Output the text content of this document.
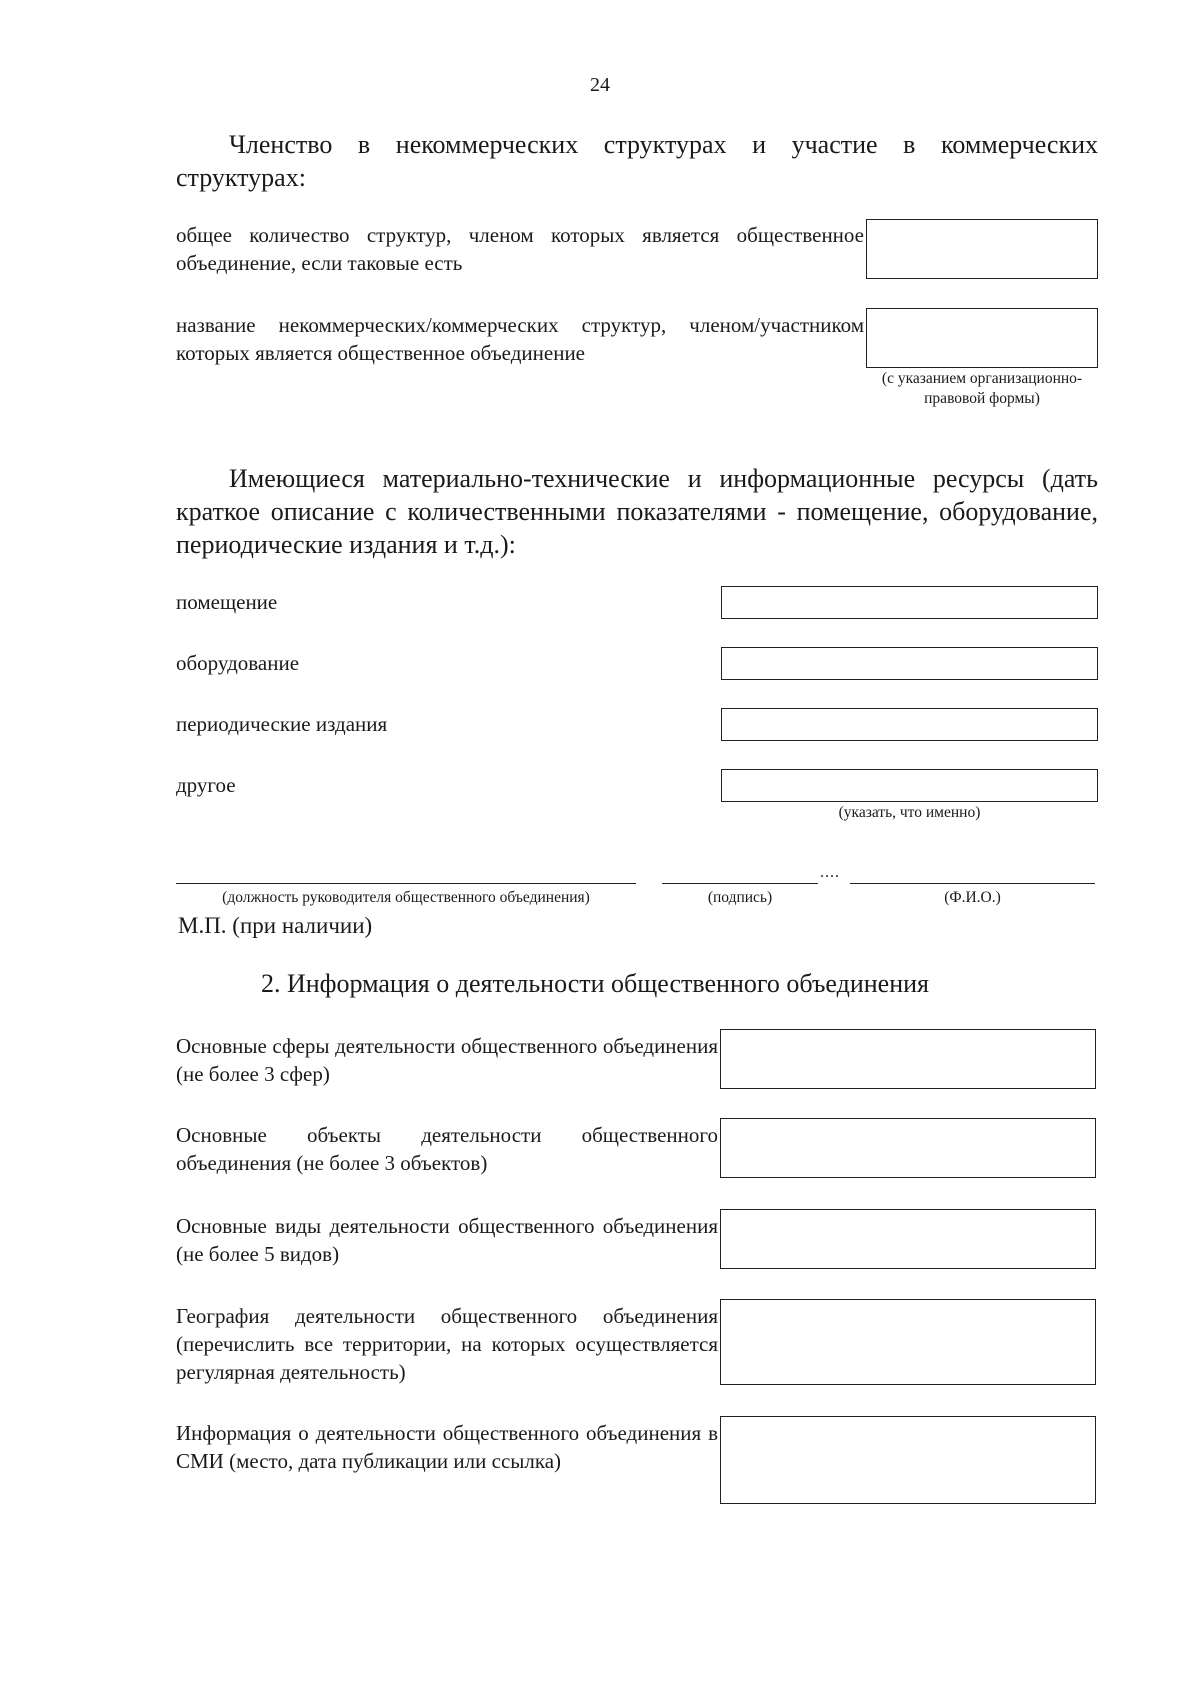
24
Членство в некоммерческих структурах и участие в коммерческих структурах:
общее количество структур, членом которых является общественное объединение, если таковые есть
название некоммерческих/коммерческих структур, членом/участником которых является общественное объединение
(с указанием организационно-правовой формы)
Имеющиеся материально-технические и информационные ресурсы (дать краткое описание с количественными показателями - помещение, оборудование, периодические издания и т.д.):
помещение
оборудование
периодические издания
другое
(указать, что именно)
....
(должность руководителя общественного объединения)	(подпись)	(Ф.И.О.)
М.П. (при наличии)
2. Информация о деятельности общественного объединения
Основные сферы деятельности общественного объединения (не более 3 сфер)
Основные объекты деятельности общественного объединения (не более 3 объектов)
Основные виды деятельности общественного объединения (не более 5 видов)
География деятельности общественного объединения (перечислить все территории, на которых осуществляется регулярная деятельность)
Информация о деятельности общественного объединения в СМИ (место, дата публикации или ссылка)
